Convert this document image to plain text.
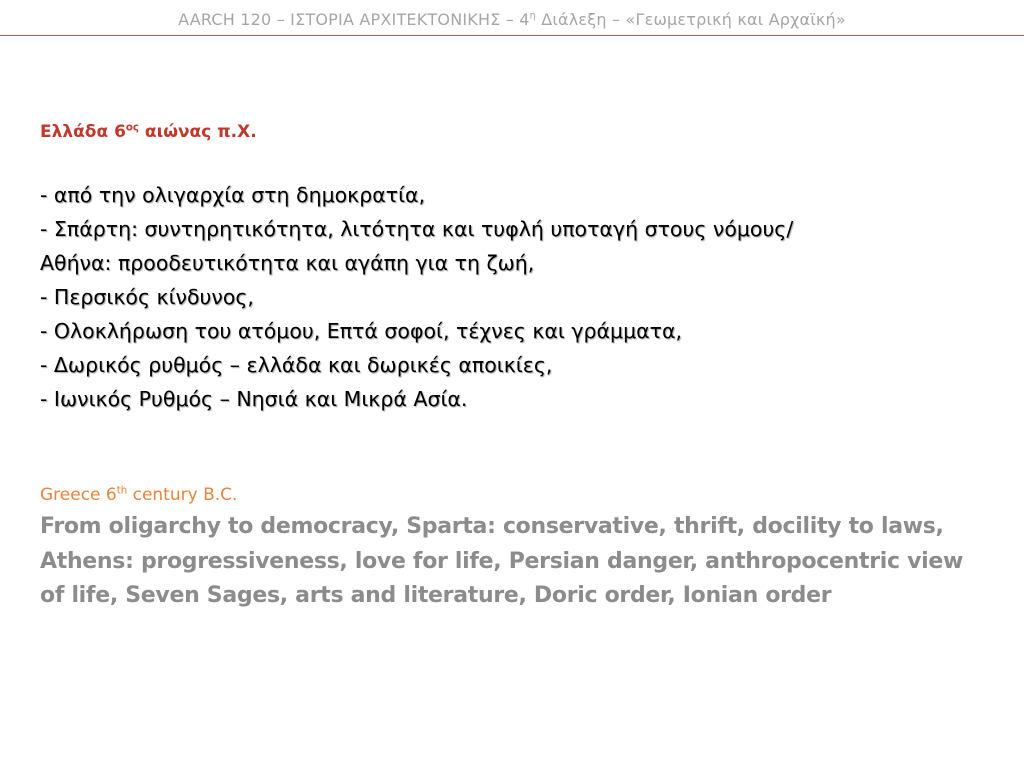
AARCH 120 – ΙΣΤΟΡΙΑ ΑΡΧΙΤΕΚΤΟΝΙΚΗΣ – $4^\eta$ Διάλεξη – «Γεωμετρική και Αρχαϊκή»
Ελλάδα $6^{o\varsigma}$ αιώνας π.Χ.
- από την ολιγαρχία στη δημοκρατία,
- Σπάρτη: συντηρητικότητα, λιτότητα και τυφλή υποταγή στους νόμους/
Αθήνα: προοδευτικότητα και αγάπη για τη ζωή,
- Περσικός κίνδυνος,
- Ολοκλήρωση του ατόμου, Επτά σοφοί, τέχνες και γράμματα,
- Δωρικός ρυθμός – ελλάδα και δωρικές αποικίες,
- Ιωνικός Ρυθμός – Νησιά και Μικρά Ασία.
Greece 6th century B.C.
From oligarchy to democracy, Sparta: conservative, thrift, docility to laws, Athens: progressiveness, love for life, Persian danger, anthropocentric view of life, Seven Sages, arts and literature, Doric order, Ionian order
